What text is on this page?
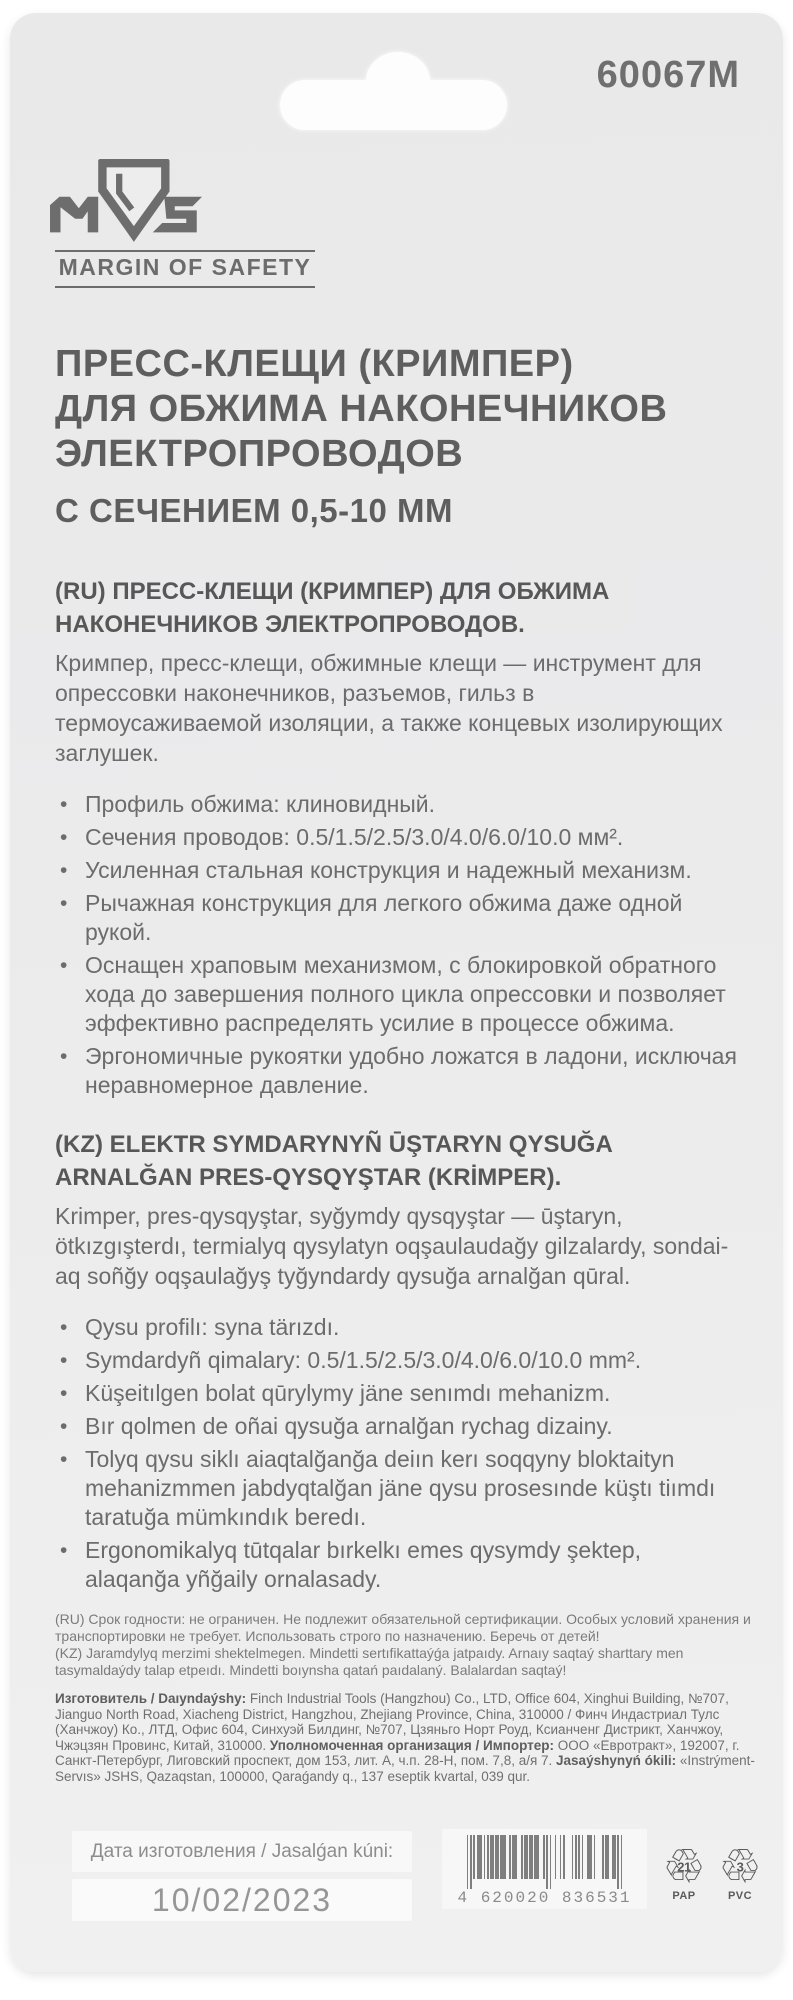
60067M
MARGIN OF SAFETY
ПРЕСС-КЛЕЩИ (КРИМПЕР)
ДЛЯ ОБЖИМА НАКОНЕЧНИКОВ
ЭЛЕКТРОПРОВОДОВ
С СЕЧЕНИЕМ 0,5-10 ММ
(RU) ПРЕСС-КЛЕЩИ (КРИМПЕР) ДЛЯ ОБЖИМА НАКОНЕЧНИКОВ ЭЛЕКТРОПРОВОДОВ.
Кримпер, пресс-клещи, обжимные клещи — инструмент для опрессовки наконечников, разъемов, гильз в термоусаживаемой изоляции, а также концевых изолирующих заглушек.
• Профиль обжима: клиновидный.
• Сечения проводов: 0.5/1.5/2.5/3.0/4.0/6.0/10.0 мм².
• Усиленная стальная конструкция и надежный механизм.
• Рычажная конструкция для легкого обжима даже одной рукой.
• Оснащен храповым механизмом, с блокировкой обратного хода до завершения полного цикла опрессовки и позволяет эффективно распределять усилие в процессе обжима.
• Эргономичные рукоятки удобно ложатся в ладони, исключая неравномерное давление.
(KZ) ELEKTR SYMDARYNYÑ ŪŞTARYN QYSUĞA ARNALĞAN PRES-QYSQYŞTAR (KRİMPER).
Krimper, pres-qysqyştar, syğymdy qysqyştar — ūştaryn, ötkızgışterdı, termialyq qysylatyn oqşaulaudağy gilzalardy, sondai-aq soñğy oqşaulağyş tyğyndardy qysuğa arnalğan qūral.
• Qysu profilı: syna tärızdı.
• Symdardyñ qimalary: 0.5/1.5/2.5/3.0/4.0/6.0/10.0 mm².
• Küşeitılgen bolat qūrylymy jäne senımdı mehanizm.
• Bır qolmen de oñai qysuğa arnalğan rychag dizainy.
• Tolyq qysu siklı aiaqtalğanğa deiın kerı soqqyny bloktaityn mehanizmmen jabdyqtalğan jäne qysu prosesınde küştı tiımdı taratuğa mümkındık beredı.
• Ergonomikalyq tūtqalar bırkelkı emes qysymdy şektep, alaqanğa yñğaily ornalasady.

(RU) Срок годности: не ограничен. Не подлежит обязательной сертификации. Особых условий хранения и транспортировки не требует. Использовать строго по назначению. Беречь от детей!

(KZ) Jaramdylyq merzimi shektelmegen. Mindetti sertıfikattaýǵa jatpaıdy. Arnaıy saqtaý sharttary men tasymaldaýdy talap etpeıdı. Mindetti boıynsha qatań paıdalaný. Balalardan saqtaý!

Изготовитель / Daıyndaýshy: Finch Industrial Tools (Hangzhou) Co., LTD, Office 604, Xinghui Building, №707, Jianguo North Road, Xiacheng District, Hangzhou, Zhejiang Province, China, 310000 / Финч Индастриал Тулс (Ханчжоу) Ко., ЛТД, Офис 604, Синхуэй Билдинг, №707, Цзяньго Норт Роуд, Ксианченг Дистрикт, Ханчжоу, Чжэцзян Провинс, Китай, 310000. Уполномоченная организация / Импортер: ООО «Евротракт», 192007, г. Санкт-Петербург, Лиговский проспект, дом 153, лит. А, ч.п. 28-Н, пом. 7,8, а/я 7. Jasaýshynyń ókili: «Instrýment-Servıs» JSHS, Qazaqstan, 100000, Qaraǵandy q., 137 eseptik kvartal, 039 qur.
Дата изготовления / Jasalǵan kúni:
10/02/2023	4 620020 836531
♲
21
PAP
♲
3
PVC
